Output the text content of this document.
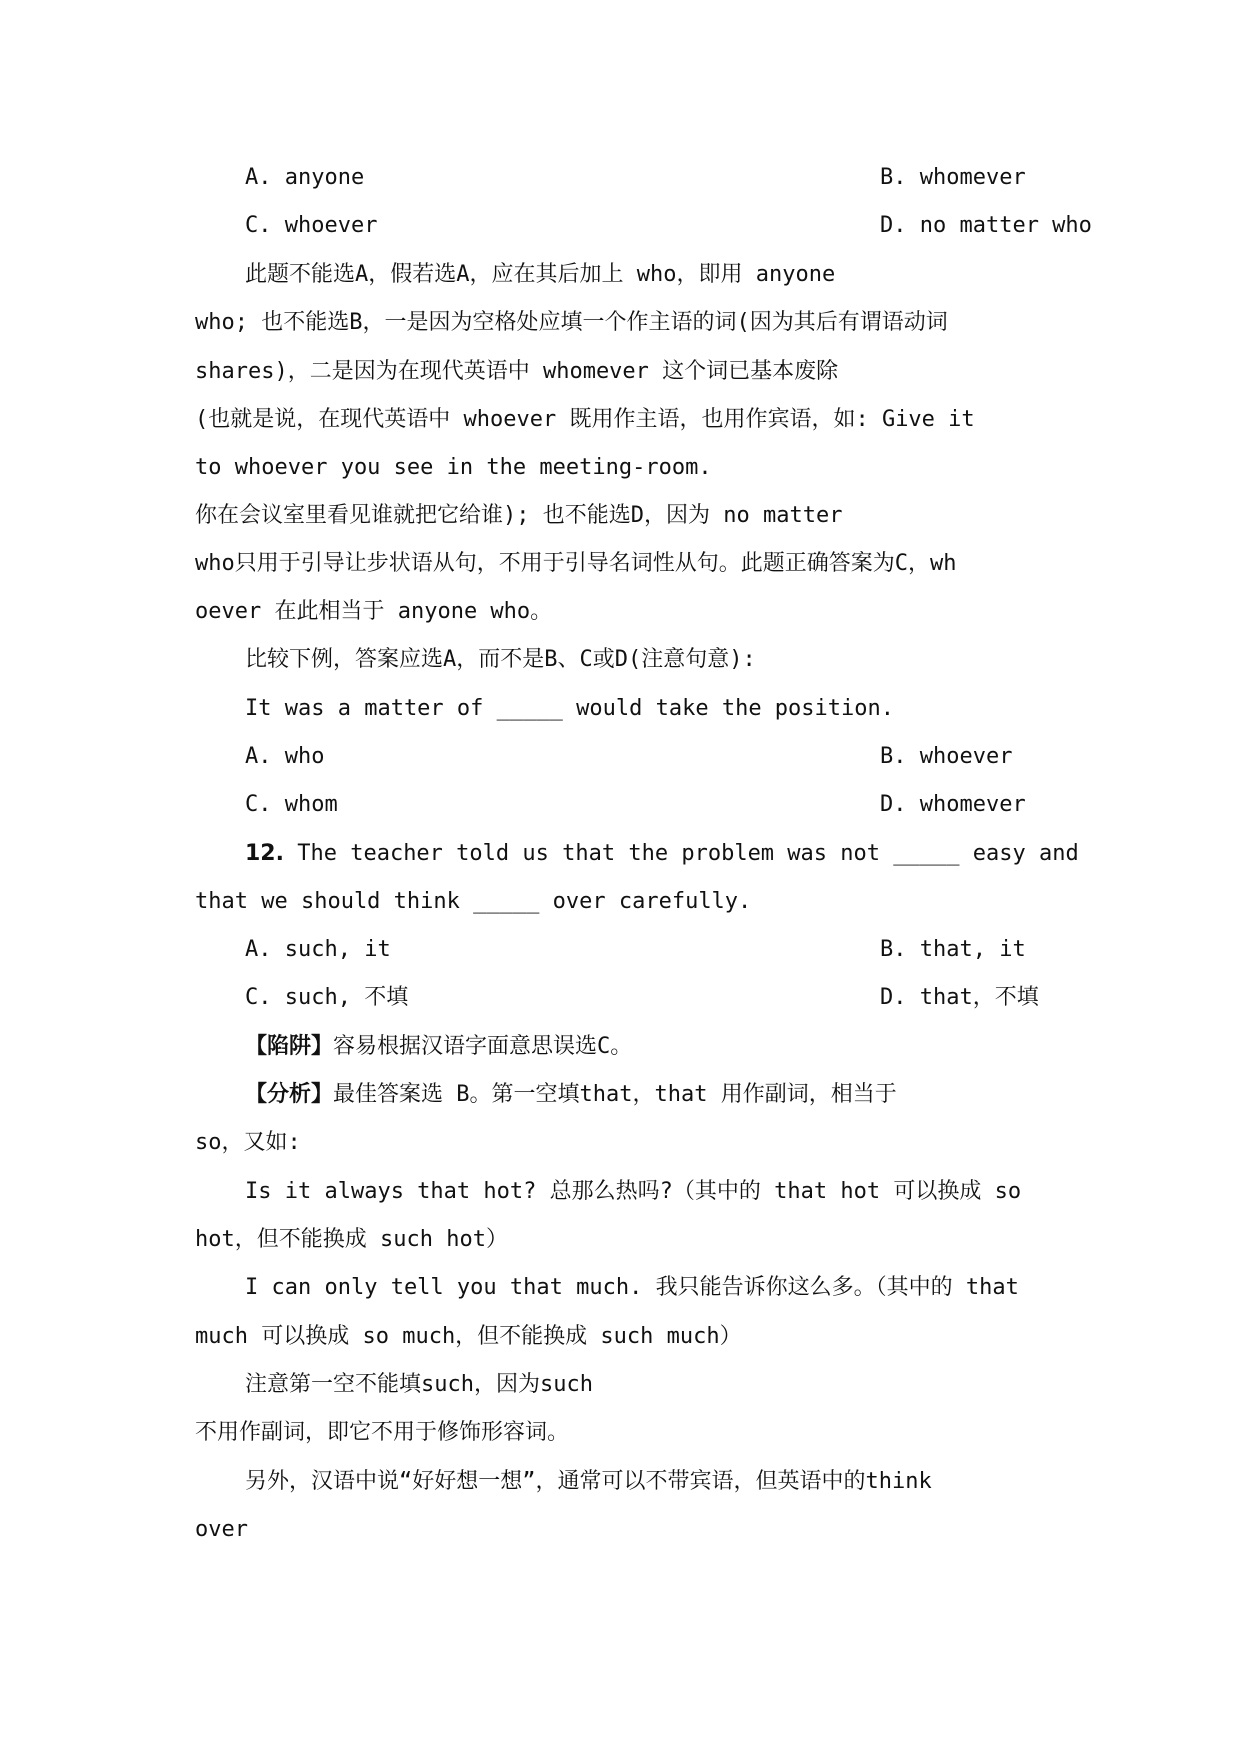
A. anyone	B. whomever
C. whoever	D. no matter who
此题不能选A，假若选A，应在其后加上 who，即用 anyone
who; 也不能选B，一是因为空格处应填一个作主语的词(因为其后有谓语动词
shares)，二是因为在现代英语中 whomever 这个词已基本废除
(也就是说，在现代英语中 whoever 既用作主语，也用作宾语，如: Give it
to whoever you see in the meeting-room.
你在会议室里看见谁就把它给谁); 也不能选D，因为 no matter
who只用于引导让步状语从句，不用于引导名词性从句。此题正确答案为C，wh
oever 在此相当于 anyone who。
比较下例，答案应选A，而不是B、C或D(注意句意):
It was a matter of _____ would take the position.
A. who	B. whoever
C. whom	D. whomever
12. The teacher told us that the problem was not _____ easy and
that we should think _____ over carefully.
A. such, it	B. that, it
C. such, 不填	D. that，不填
【陷阱】容易根据汉语字面意思误选C。
【分析】最佳答案选 B。第一空填that，that 用作副词，相当于
so，又如:
Is it always that hot? 总那么热吗?（其中的 that hot 可以换成 so
hot，但不能换成 such hot）
I can only tell you that much. 我只能告诉你这么多。（其中的 that
much 可以换成 so much，但不能换成 such much）
注意第一空不能填such，因为such
不用作副词，即它不用于修饰形容词。
另外，汉语中说“好好想一想”，通常可以不带宾语，但英语中的think
over
